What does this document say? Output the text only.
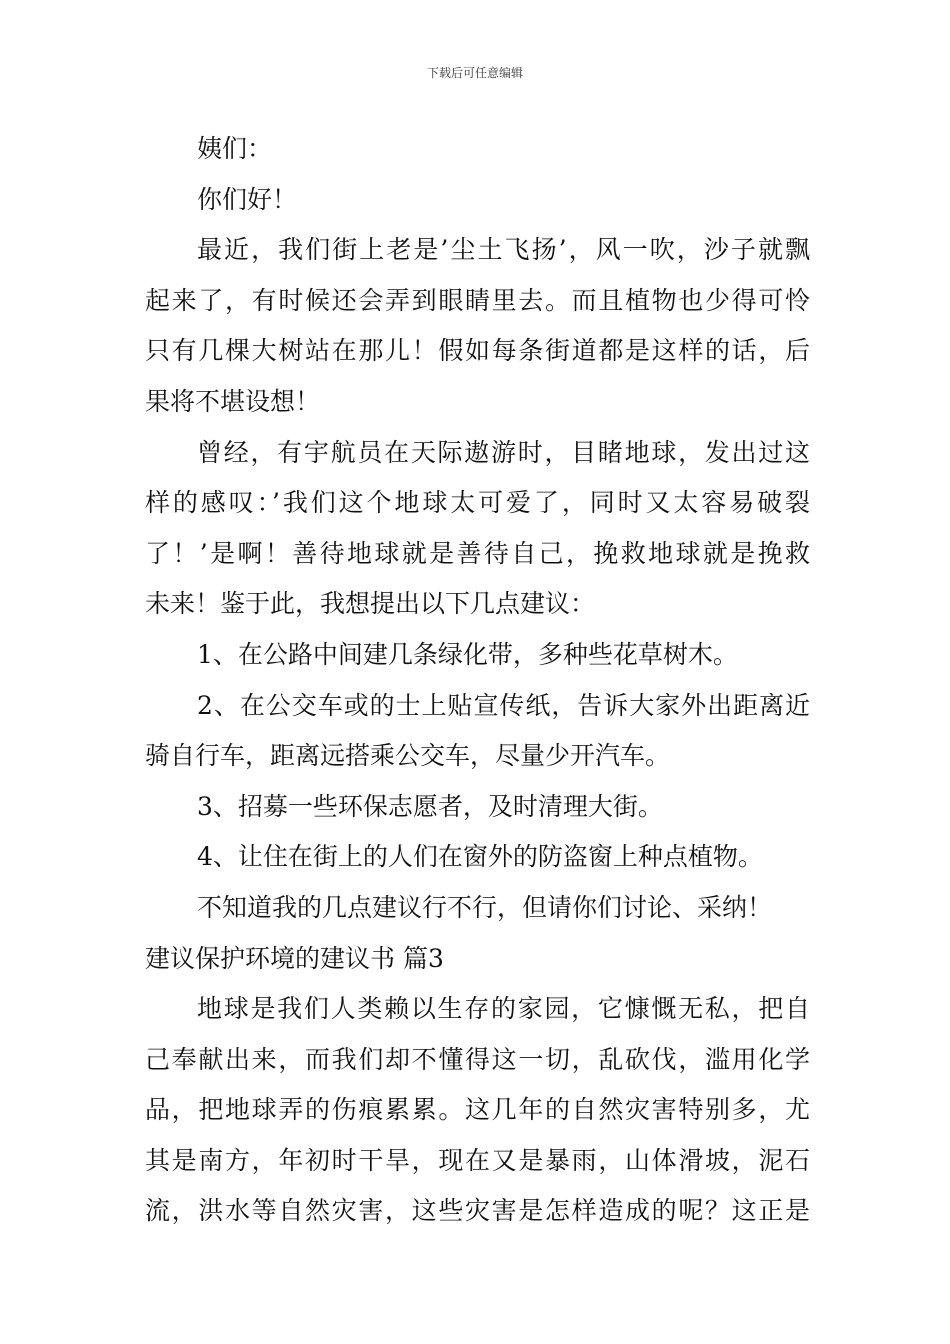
下载后可任意编辑
姨们：
你们好！
最近，我们街上老是’尘土飞扬’，风一吹，沙子就飘
起来了，有时候还会弄到眼睛里去。而且植物也少得可怜
只有几棵大树站在那儿！假如每条街道都是这样的话，后
果将不堪设想！
曾经，有宇航员在天际遨游时，目睹地球，发出过这
样的感叹：’我们这个地球太可爱了，同时又太容易破裂
了！’是啊！善待地球就是善待自己，挽救地球就是挽救
未来！鉴于此，我想提出以下几点建议：
1、在公路中间建几条绿化带，多种些花草树木。
2、在公交车或的士上贴宣传纸，告诉大家外出距离近
骑自行车，距离远搭乘公交车，尽量少开汽车。
3、招募一些环保志愿者，及时清理大街。
4、让住在街上的人们在窗外的防盗窗上种点植物。
不知道我的几点建议行不行，但请你们讨论、采纳！
建议保护环境的建议书 篇3
地球是我们人类赖以生存的家园，它慷慨无私，把自
己奉献出来，而我们却不懂得这一切，乱砍伐，滥用化学
品，把地球弄的伤痕累累。这几年的自然灾害特别多，尤
其是南方，年初时干旱，现在又是暴雨，山体滑坡，泥石
流，洪水等自然灾害，这些灾害是怎样造成的呢？这正是
